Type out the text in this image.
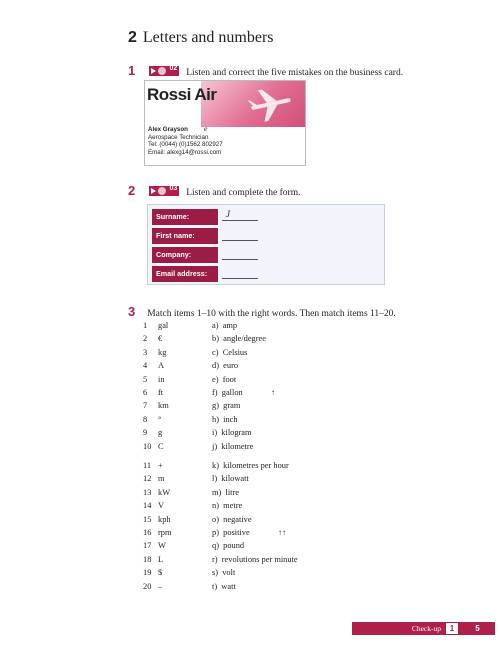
2 Letters and numbers
1	02 Listen and correct the five mistakes on the business card.
Rossi Air
Alex Grayson	e
Aerospace Technician
Tel: (0044) (0)1562 802927
Email: alexg14@rossi.com
2	03 Listen and complete the form.
Surname:	J
First name:
Company:
Email address:
3 Match items 1–10 with the right words. Then match items 11–20.
1	gal	a) amp
2	€	b) angle/degree
3	kg	c) Celsius
4	A	d) euro
5	in	e) foot
6	ft	f) gallon	↑
7	km	g) gram
8	°	h) inch
9	g	i) kilogram
10 C	j) kilometre
11 +	k) kilometres per hour
12 m	l) kilowatt
13 kW	m) litre
14 V	n) metre
15 kph	o) negative
16 rpm	p) positive	↑↑
17 W	q) pound
18 L	r) revolutions per minute
19 $	s) volt
20 –	t) watt
Check-up	1	5
